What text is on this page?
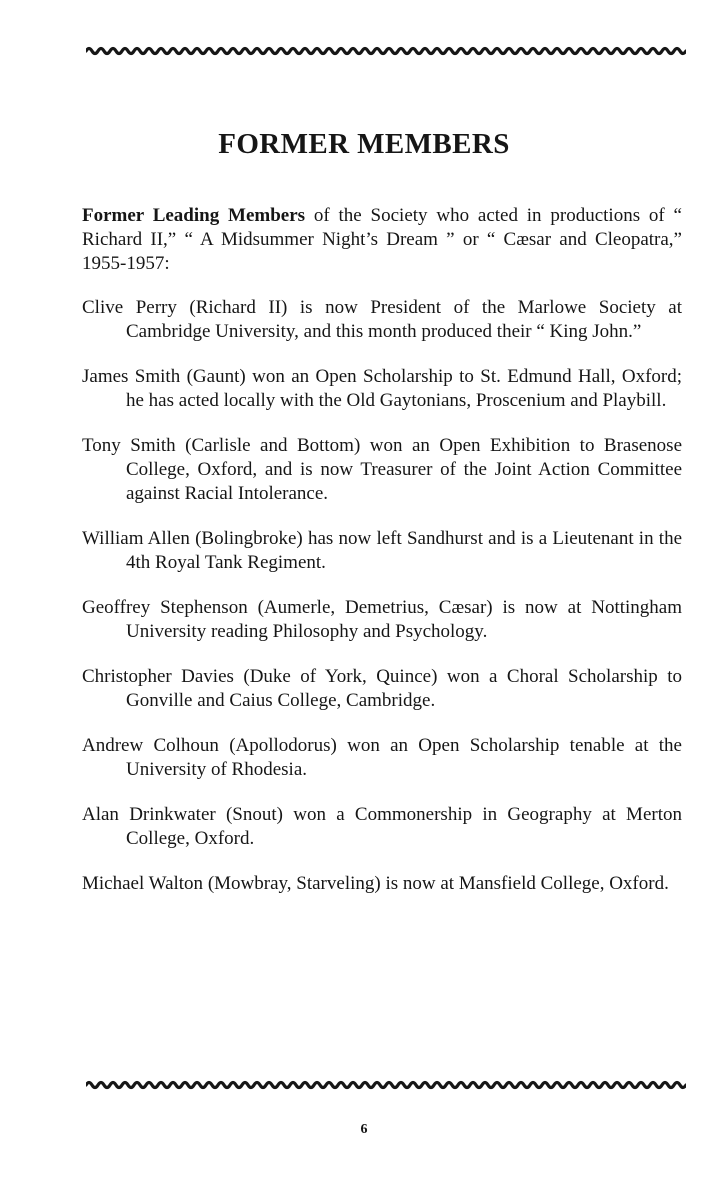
FORMER MEMBERS

Former Leading Members of the Society who acted in productions of “ Richard II,” “ A Midsummer Night’s Dream ” or “ Cæsar and Cleopatra,” 1955-1957:

Clive Perry (Richard II) is now President of the Marlowe Society at Cambridge University, and this month produced their “ King John.”
James Smith (Gaunt) won an Open Scholarship to St. Edmund Hall, Oxford; he has acted locally with the Old Gaytonians, Proscenium and Playbill.
Tony Smith (Carlisle and Bottom) won an Open Exhibition to Brasenose College, Oxford, and is now Treasurer of the Joint Action Committee against Racial Intolerance.
William Allen (Bolingbroke) has now left Sandhurst and is a Lieutenant in the 4th Royal Tank Regiment.
Geoffrey Stephenson (Aumerle, Demetrius, Cæsar) is now at Nottingham University reading Philosophy and Psychology.
Christopher Davies (Duke of York, Quince) won a Choral Scholarship to Gonville and Caius College, Cambridge.
Andrew Colhoun (Apollodorus) won an Open Scholarship tenable at the University of Rhodesia.
Alan Drinkwater (Snout) won a Commonership in Geography at Merton College, Oxford.
Michael Walton (Mowbray, Starveling) is now at Mansfield College, Oxford.
6
